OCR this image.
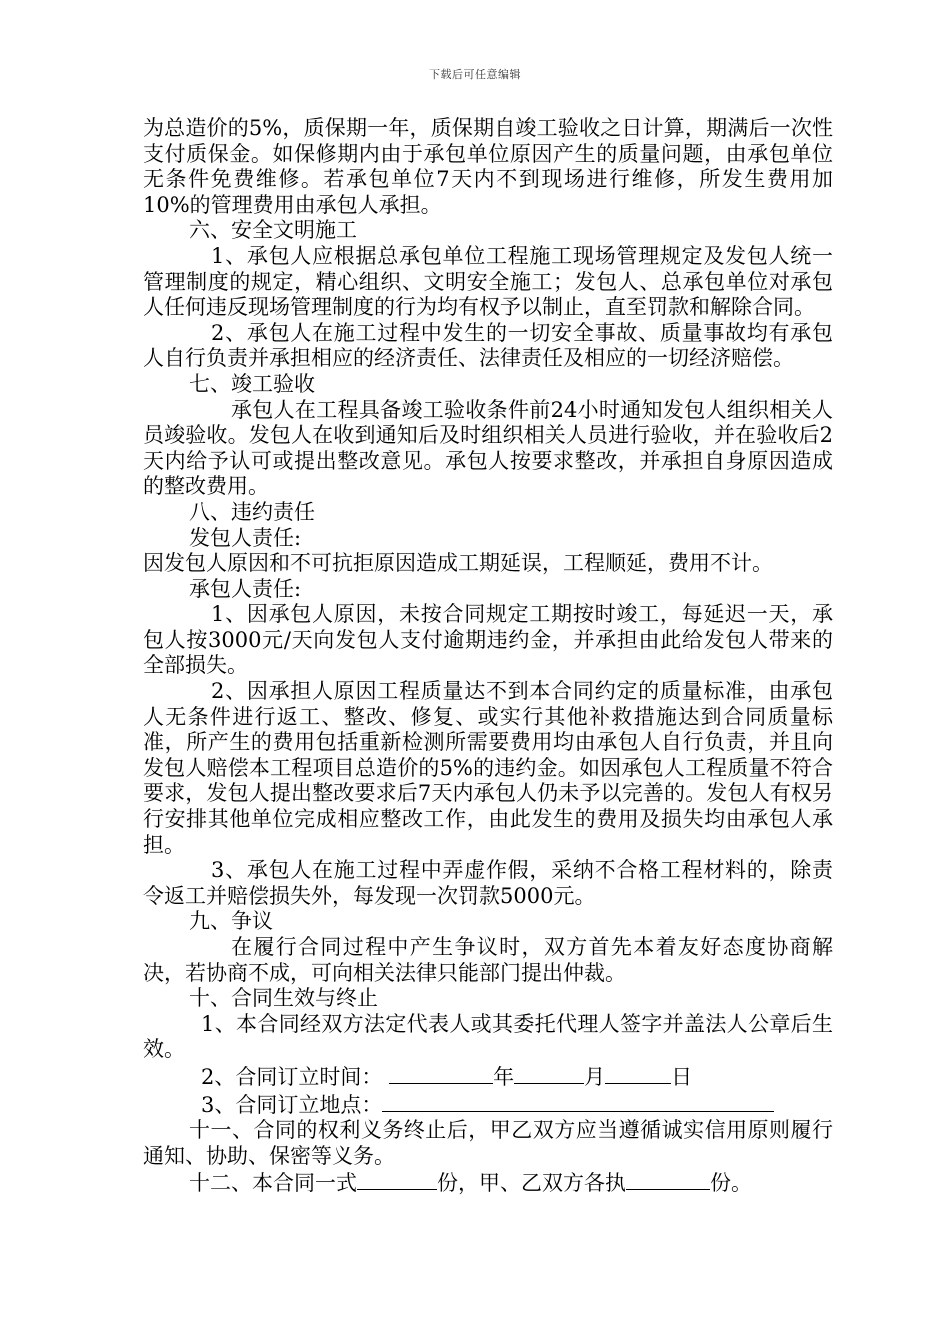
下载后可任意编辑

为总造价的5%，质保期一年，质保期自竣工验收之日计算，期满后一次性支付质保金。如保修期内由于承包单位原因产生的质量问题，由承包单位无条件免费维修。若承包单位7天内不到现场进行维修，所发生费用加10%的管理费用由承包人承担。

六、安全文明施工

1、承包人应根据总承包单位工程施工现场管理规定及发包人统一管理制度的规定，精心组织、文明安全施工；发包人、总承包单位对承包人任何违反现场管理制度的行为均有权予以制止，直至罚款和解除合同。

2、承包人在施工过程中发生的一切安全事故、质量事故均有承包人自行负责并承担相应的经济责任、法律责任及相应的一切经济赔偿。

七、竣工验收

承包人在工程具备竣工验收条件前24小时通知发包人组织相关人员竣验收。发包人在收到通知后及时组织相关人员进行验收，并在验收后2天内给予认可或提出整改意见。承包人按要求整改，并承担自身原因造成的整改费用。

八、违约责任

发包人责任:

因发包人原因和不可抗拒原因造成工期延误，工程顺延，费用不计。

承包人责任:

1、因承包人原因，未按合同规定工期按时竣工，每延迟一天，承包人按3000元/天向发包人支付逾期违约金，并承担由此给发包人带来的全部损失。

2、因承担人原因工程质量达不到本合同约定的质量标准，由承包人无条件进行返工、整改、修复、或实行其他补救措施达到合同质量标准，所产生的费用包括重新检测所需要费用均由承包人自行负责，并且向发包人赔偿本工程项目总造价的5%的违约金。如因承包人工程质量不符合要求，发包人提出整改要求后7天内承包人仍未予以完善的。发包人有权另行安排其他单位完成相应整改工作，由此发生的费用及损失均由承包人承担。

3、承包人在施工过程中弄虚作假，采纳不合格工程材料的，除责令返工并赔偿损失外，每发现一次罚款5000元。

九、争议

在履行合同过程中产生争议时，双方首先本着友好态度协商解决，若协商不成，可向相关法律只能部门提出仲裁。

十、合同生效与终止

1、本合同经双方法定代表人或其委托代理人签字并盖法人公章后生效。

2、合同订立时间：	年	月	日

3、合同订立地点：

十一、合同的权利义务终止后，甲乙双方应当遵循诚实信用原则履行通知、协助、保密等义务。

十二、本合同一式	份，甲、乙双方各执	份。
